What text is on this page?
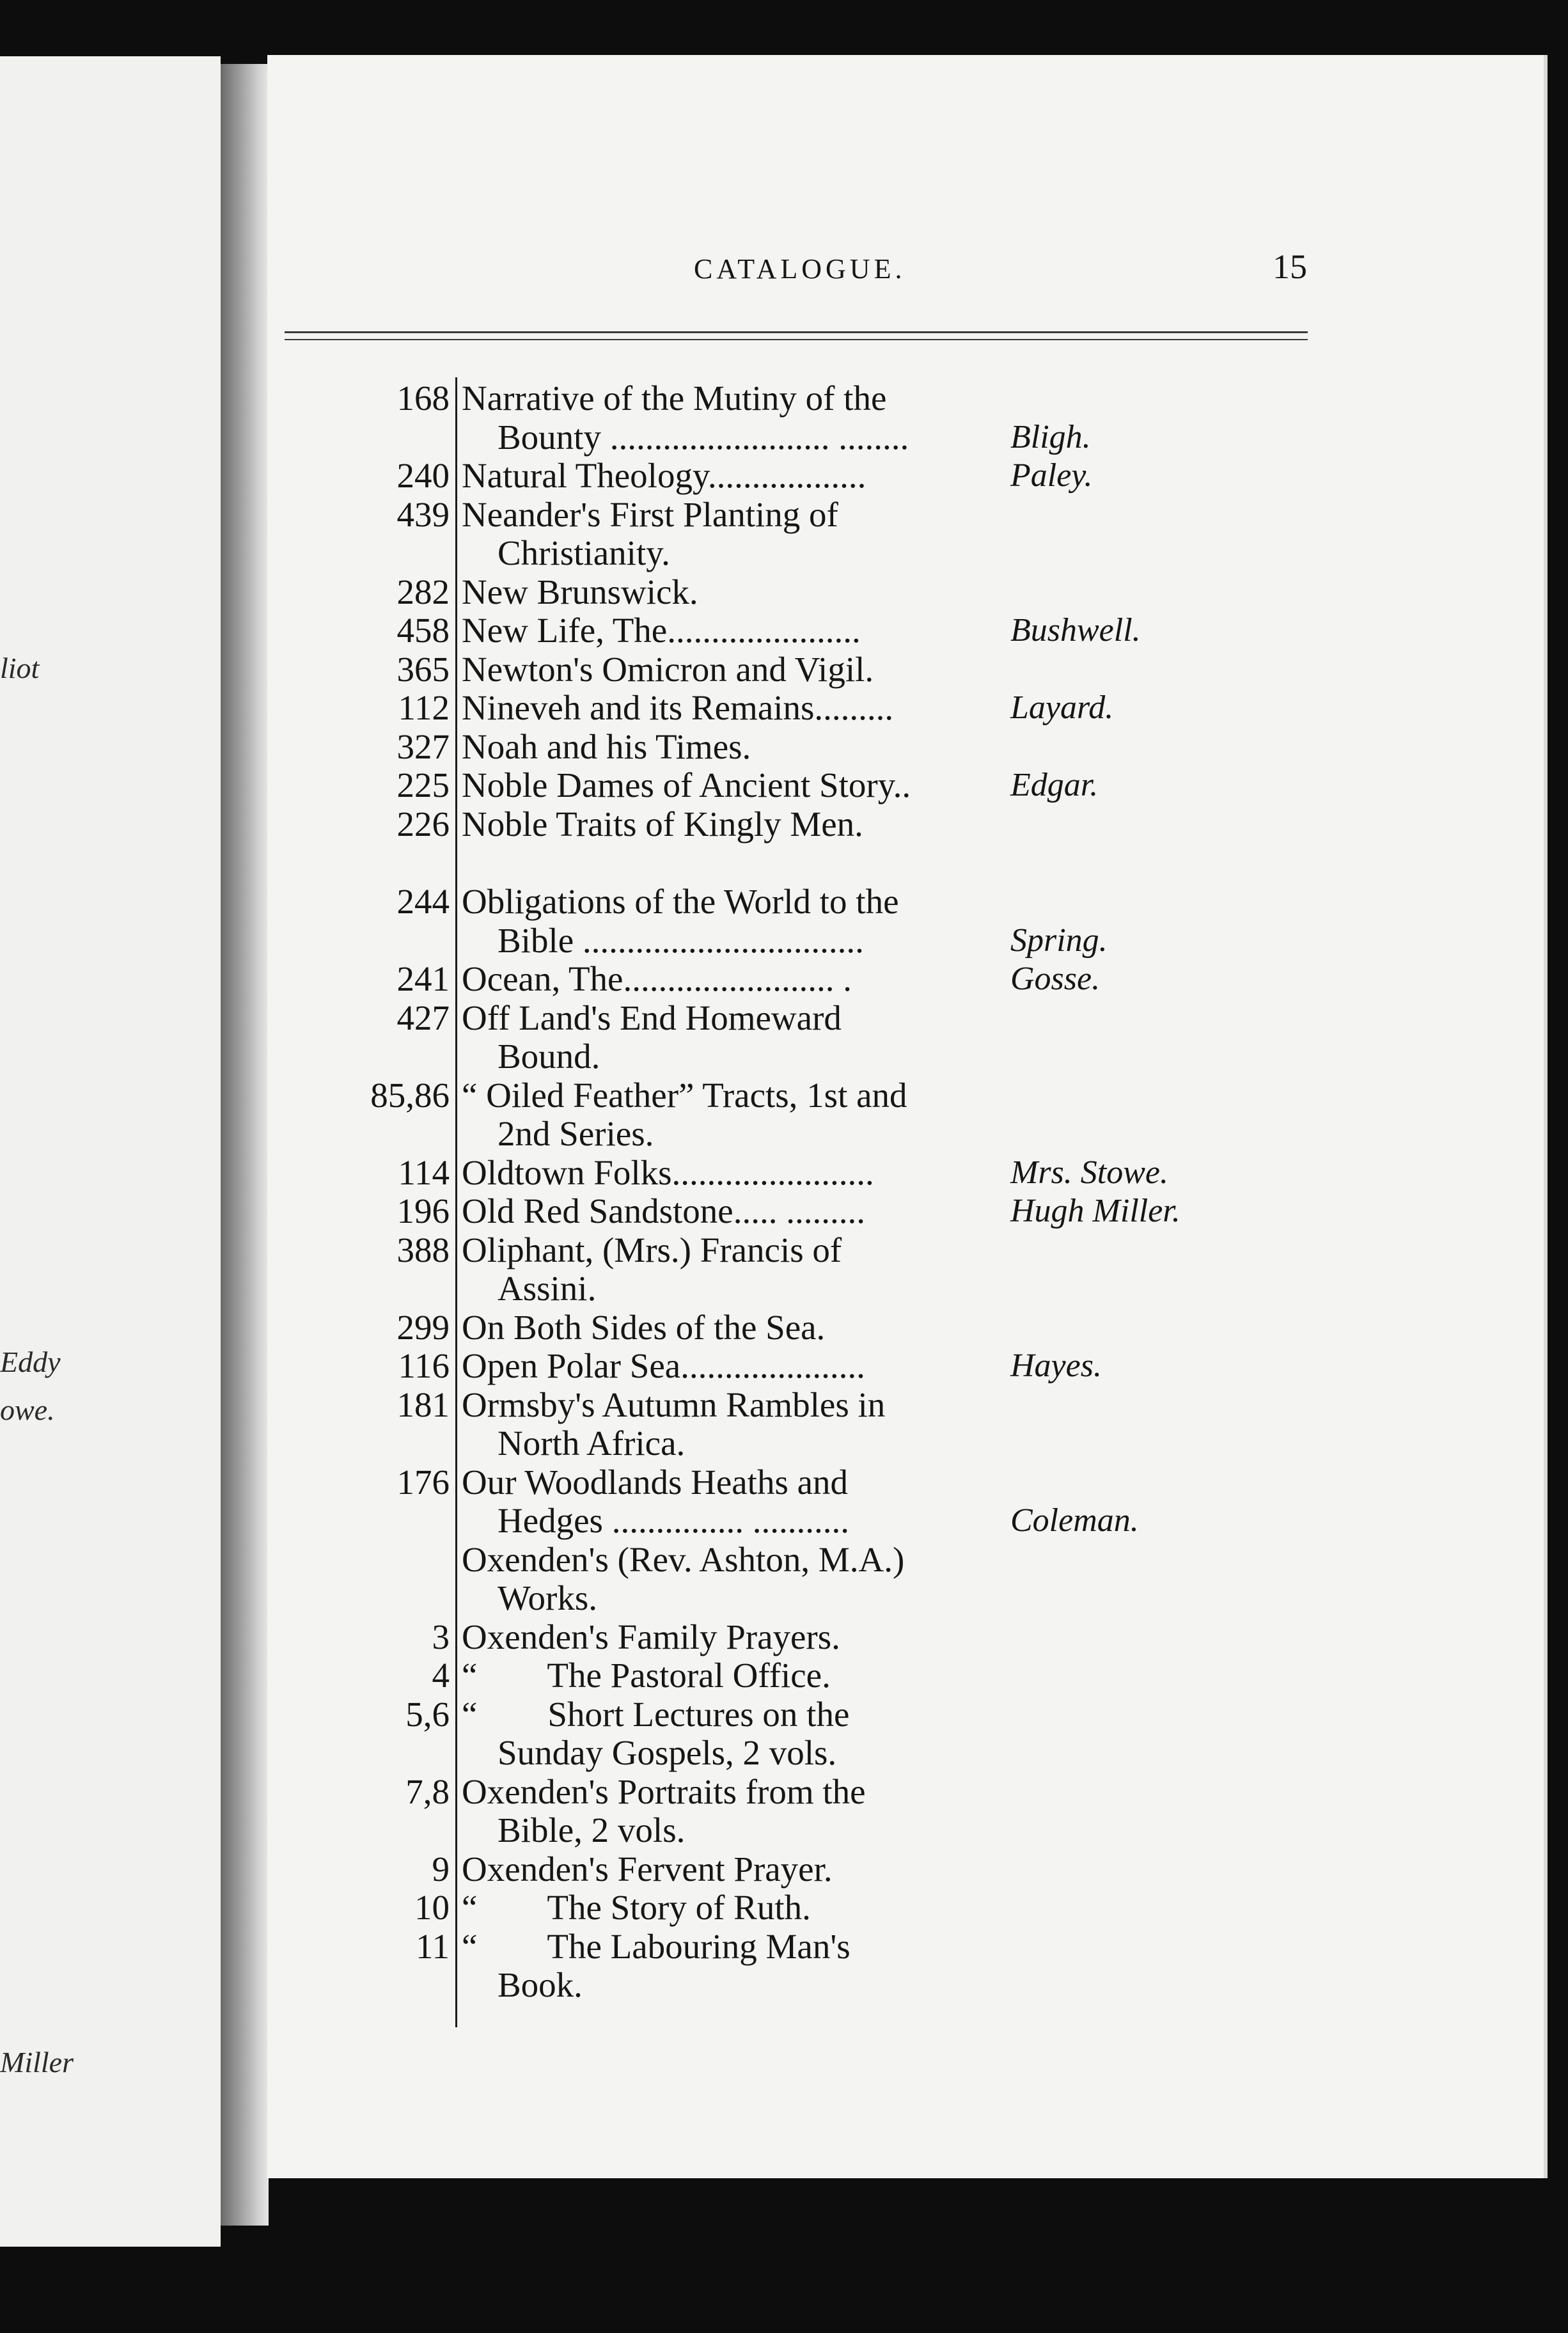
liot
Eddy
owe.
Miller
CATALOGUE.	15
168 Narrative of the Mutiny of the
Bounty ......................... ........	Bligh.
240 Natural Theology..................	Paley.
439 Neander's First Planting of
Christianity.
282 New Brunswick.
458 New Life, The......................	Bushwell.
365 Newton's Omicron and Vigil.
112 Nineveh and its Remains.........	Layard.
327 Noah and his Times.
225 Noble Dames of Ancient Story..	Edgar.
226 Noble Traits of Kingly Men.
244 Obligations of the World to the
Bible ................................	Spring.
241 Ocean, The........................ .	Gosse.
427 Off Land's End Homeward
Bound.
85,86 “ Oiled Feather” Tracts, 1st and
2nd Series.
114 Oldtown Folks.......................	Mrs. Stowe.
196 Old Red Sandstone..... .........	Hugh Miller.
388 Oliphant, (Mrs.) Francis of
Assini.
299 On Both Sides of the Sea.
116 Open Polar Sea.....................	Hayes.
181 Ormsby's Autumn Rambles in
North Africa.
176 Our Woodlands Heaths and
Hedges ............... ...........	Coleman.
Oxenden's (Rev. Ashton, M.A.)
Works.
3 Oxenden's Family Prayers.
4 “        The Pastoral Office.
5,6 “        Short Lectures on the
Sunday Gospels, 2 vols.
7,8 Oxenden's Portraits from the
Bible, 2 vols.
9 Oxenden's Fervent Prayer.
10 “        The Story of Ruth.
11 “        The Labouring Man's
Book.
